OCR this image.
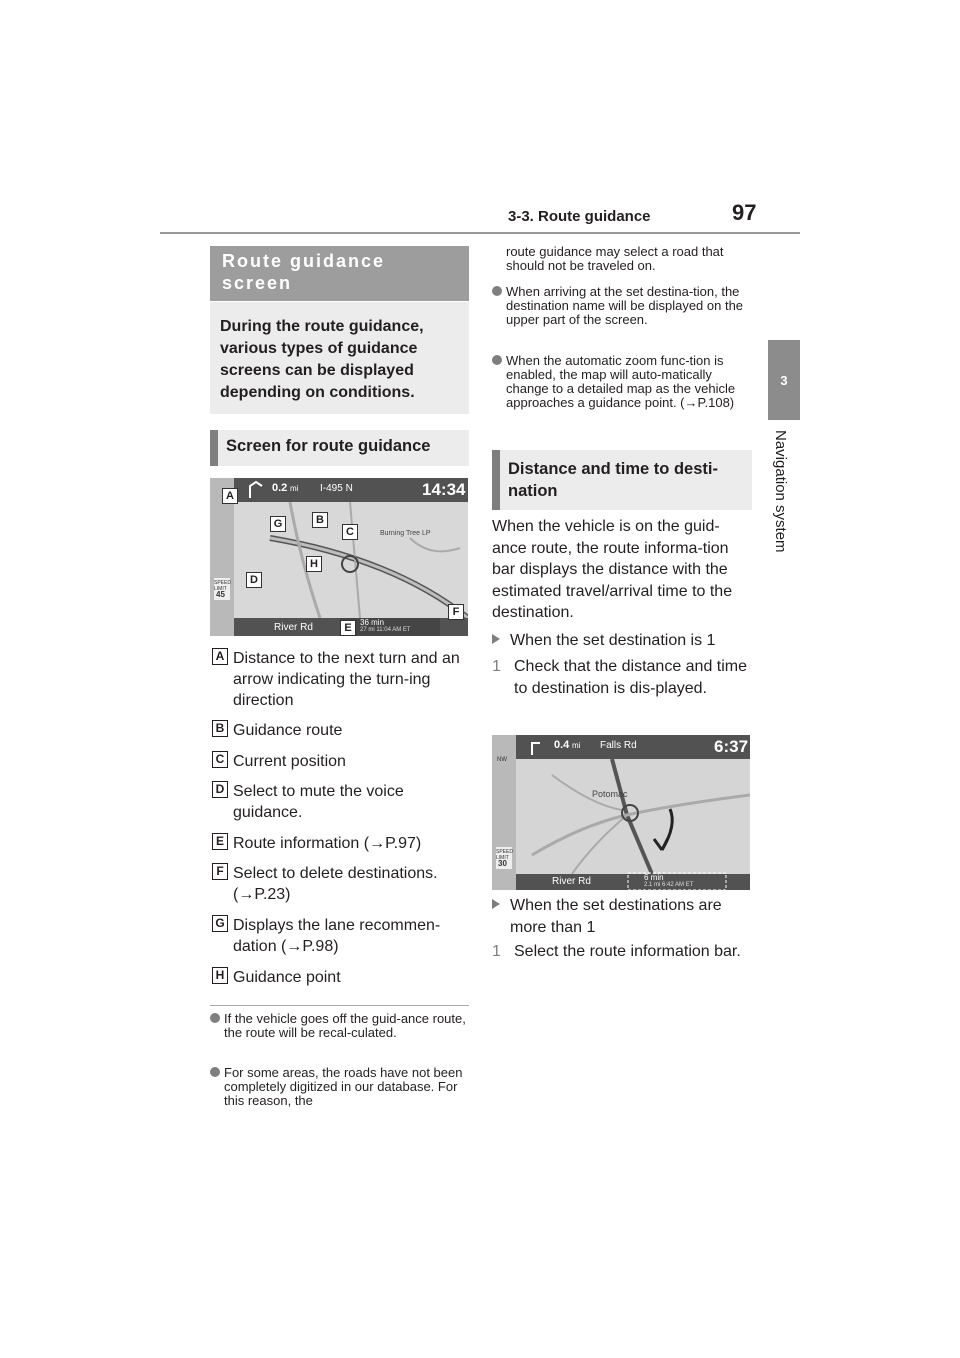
3-3. Route guidance	97
3
Navigation system
Route guidance screen
During the route guidance, various types of guidance screens can be displayed depending on conditions.
Screen for route guidance
0.2 mi I-495 N	14:34
Burning Tree LP
River Rd	36 min
27 mi 11:04 AM ET
SPEED LIMIT
45
A
B
C
D
E
F
G
H
A Distance to the next turn and an arrow indicating the turn-ing direction
B Guidance route
C Current position
D Select to mute the voice guidance.
E Route information (→P.97)
F Select to delete destinations. (→P.23)
G Displays the lane recommen-dation (→P.98)
H Guidance point
If the vehicle goes off the guid-ance route, the route will be recal-culated.
For some areas, the roads have not been completely digitized in our database. For this reason, the
route guidance may select a road that should not be traveled on.
When arriving at the set destina-tion, the destination name will be displayed on the upper part of the screen.
When the automatic zoom func-tion is enabled, the map will auto-matically change to a detailed map as the vehicle approaches a guidance point. (→P.108)
Distance and time to desti-nation
When the vehicle is on the guid-ance route, the route informa-tion bar displays the distance with the estimated travel/arrival time to the destination.
When the set destination is 1
1 Check that the distance and time to destination is dis-played.
0.4 mi Falls Rd	6:37
Potomac
NW
River Rd	6 min
2.1 mi 6:42 AM ET
SPEED LIMIT
30
When the set destinations are more than 1
1 Select the route information bar.
